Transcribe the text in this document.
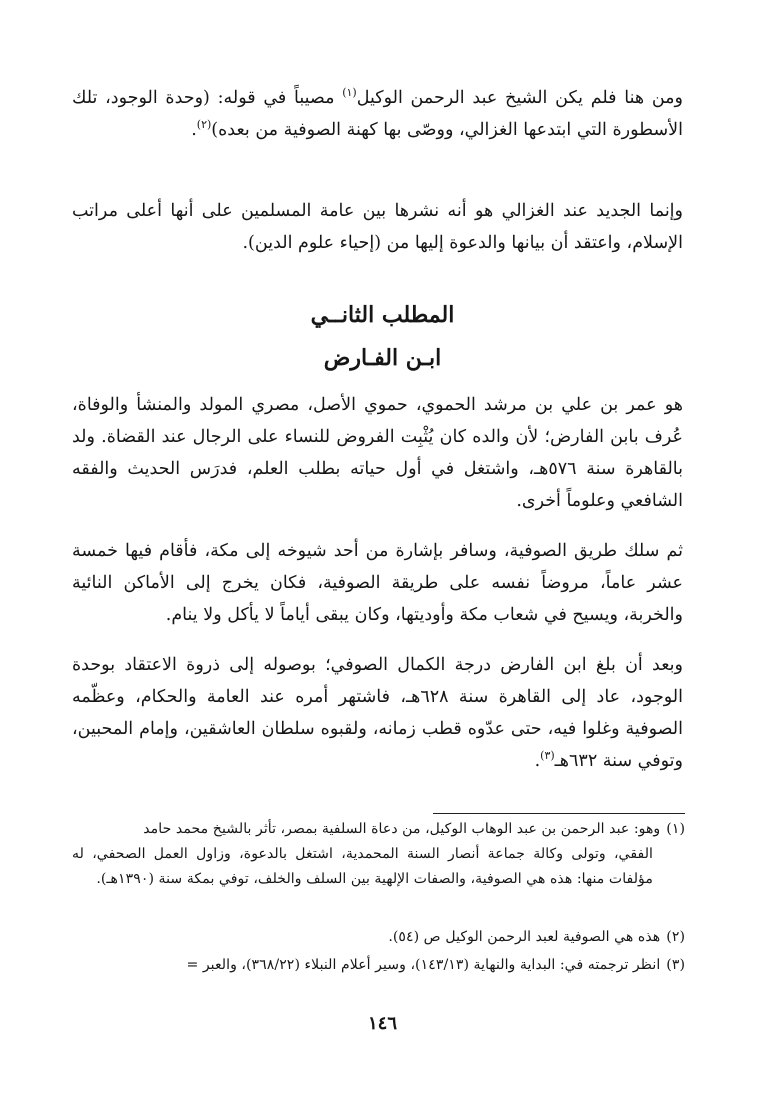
ومن هنا فلم يكن الشيخ عبد الرحمن الوكيل$^{(١)}$ مصيباً في قوله: (وحدة الوجود، تلك الأسطورة التي ابتدعها الغزالي، ووصّى بها كهنة الصوفية من بعده)$^{(٢)}$.

وإنما الجديد عند الغزالي هو أنه نشرها بين عامة المسلمين على أنها أعلى مراتب الإسلام، واعتقد أن بيانها والدعوة إليها من (إحياء علوم الدين).

المطلب الثانــي
ابـن الفـارض

هو عمر بن علي بن مرشد الحموي، حموي الأصل، مصري المولد والمنشأ والوفاة، عُرف بابن الفارض؛ لأن والده كان يُثْبِت الفروض للنساء على الرجال عند القضاة. ولد بالقاهرة سنة ٥٧٦هـ، واشتغل في أول حياته بطلب العلم، فدرَس الحديث والفقه الشافعي وعلوماً أخرى.

ثم سلك طريق الصوفية، وسافر بإشارة من أحد شيوخه إلى مكة، فأقام فيها خمسة عشر عاماً، مروضاً نفسه على طريقة الصوفية، فكان يخرج إلى الأماكن النائية والخربة، ويسيح في شعاب مكة وأوديتها، وكان يبقى أياماً لا يأكل ولا ينام.

وبعد أن بلغ ابن الفارض درجة الكمال الصوفي؛ بوصوله إلى ذروة الاعتقاد بوحدة الوجود، عاد إلى القاهرة سنة ٦٢٨هـ، فاشتهر أمره عند العامة والحكام، وعظّمه الصوفية وغلوا فيه، حتى عدّوه قطب زمانه، ولقبوه سلطان العاشقين، وإمام المحبين، وتوفي سنة ٦٣٢هـ$^{(٣)}$.

(١)وهو: عبد الرحمن بن عبد الوهاب الوكيل، من دعاة السلفية بمصر، تأثر بالشيخ محمد حامد
الفقي، وتولى وكالة جماعة أنصار السنة المحمدية، اشتغل بالدعوة، وزاول العمل الصحفي، له مؤلفات منها: هذه هي الصوفية، والصفات الإلهية بين السلف والخلف، توفي بمكة سنة (١٣٩٠هـ).

(٢)هذه هي الصوفية لعبد الرحمن الوكيل ص (٥٤).

(٣)انظر ترجمته في: البداية والنهاية (١٤٣/١٣)، وسير أعلام النبلاء (٣٦٨/٢٢)، والعبر =

١٤٦
